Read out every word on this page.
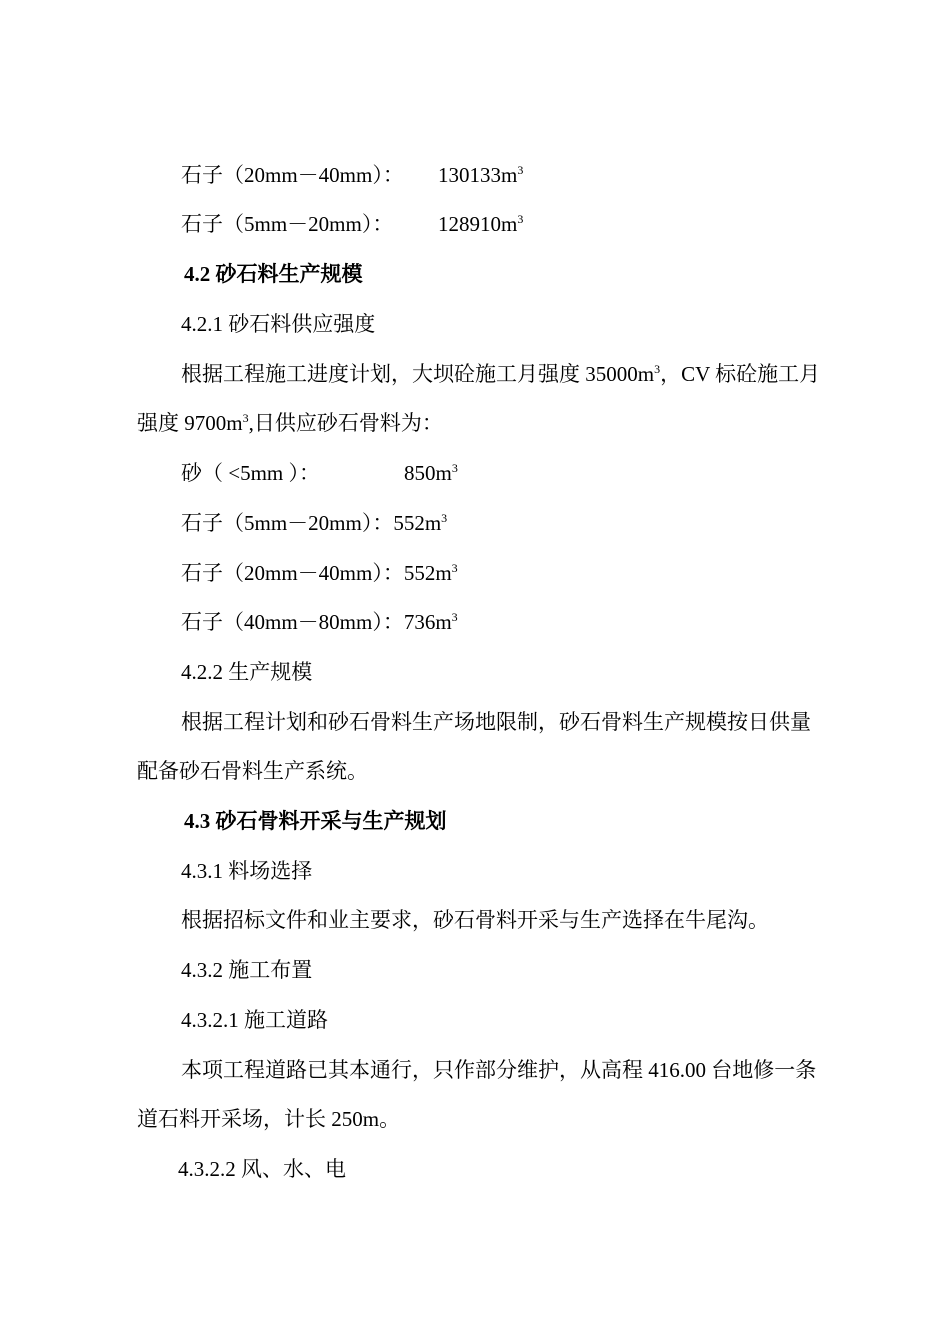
石子（20mm－40mm）： $130133m^3$
石子（5mm－20mm）： $128910m^3$
4.2 砂石料生产规模
4.2.1 砂石料供应强度
根据工程施工进度计划，大坝砼施工月强度 $35000m^3$，CV 标砼施工月
强度 $9700m^3$,日供应砂石骨料为：
砂（ <5mm ）：	$850m^3$
石子（5mm－20mm）：$552m^3$
石子（20mm－40mm）：$552m^3$
石子（40mm－80mm）：$736m^3$
4.2.2 生产规模
根据工程计划和砂石骨料生产场地限制，砂石骨料生产规模按日供量
配备砂石骨料生产系统。
4.3 砂石骨料开采与生产规划
4.3.1 料场选择
根据招标文件和业主要求，砂石骨料开采与生产选择在牛尾沟。
4.3.2 施工布置
4.3.2.1 施工道路
本项工程道路已其本通行，只作部分维护，从高程 416.00 台地修一条
道石料开采场，计长 250m。
4.3.2.2 风、水、电
